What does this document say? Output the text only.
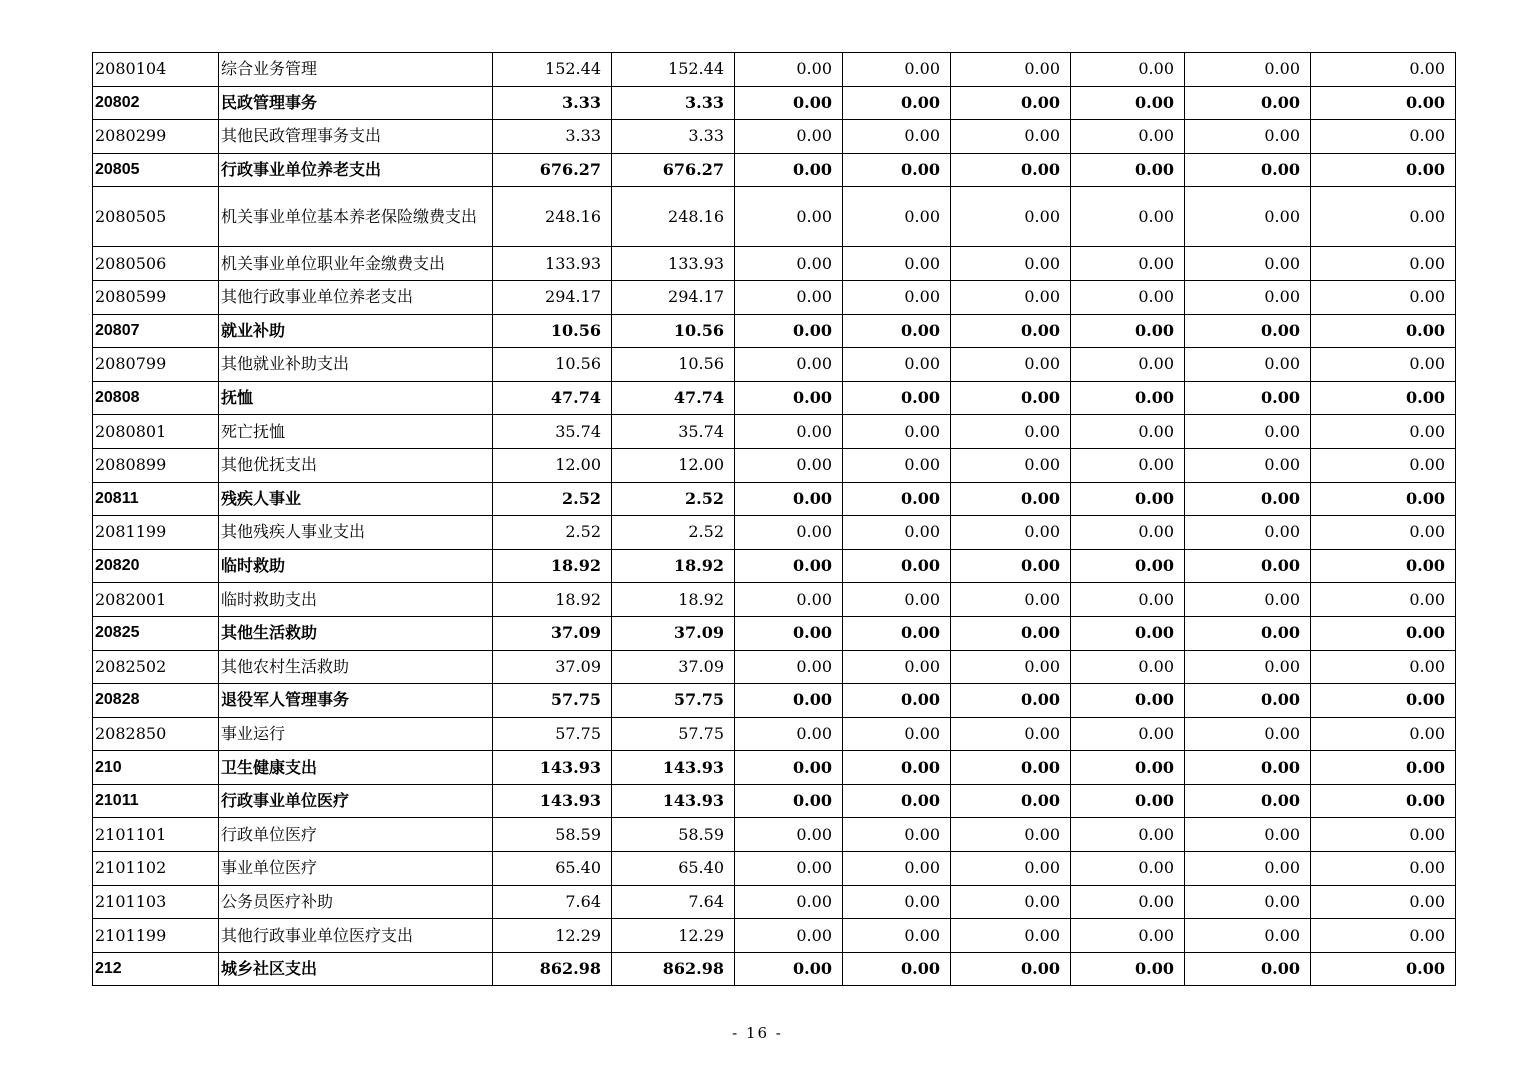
2080104	综合业务管理	152.44	152.44	0.00	0.00	0.00	0.00	0.00	0.00
20802	民政管理事务	3.33	3.33	0.00	0.00	0.00	0.00	0.00	0.00
2080299	其他民政管理事务支出	3.33	3.33	0.00	0.00	0.00	0.00	0.00	0.00
20805	行政事业单位养老支出	676.27	676.27	0.00	0.00	0.00	0.00	0.00	0.00
2080505	机关事业单位基本养老保险缴费支出	248.16	248.16	0.00	0.00	0.00	0.00	0.00	0.00
2080506	机关事业单位职业年金缴费支出	133.93	133.93	0.00	0.00	0.00	0.00	0.00	0.00
2080599	其他行政事业单位养老支出	294.17	294.17	0.00	0.00	0.00	0.00	0.00	0.00
20807	就业补助	10.56	10.56	0.00	0.00	0.00	0.00	0.00	0.00
2080799	其他就业补助支出	10.56	10.56	0.00	0.00	0.00	0.00	0.00	0.00
20808	抚恤	47.74	47.74	0.00	0.00	0.00	0.00	0.00	0.00
2080801	死亡抚恤	35.74	35.74	0.00	0.00	0.00	0.00	0.00	0.00
2080899	其他优抚支出	12.00	12.00	0.00	0.00	0.00	0.00	0.00	0.00
20811	残疾人事业	2.52	2.52	0.00	0.00	0.00	0.00	0.00	0.00
2081199	其他残疾人事业支出	2.52	2.52	0.00	0.00	0.00	0.00	0.00	0.00
20820	临时救助	18.92	18.92	0.00	0.00	0.00	0.00	0.00	0.00
2082001	临时救助支出	18.92	18.92	0.00	0.00	0.00	0.00	0.00	0.00
20825	其他生活救助	37.09	37.09	0.00	0.00	0.00	0.00	0.00	0.00
2082502	其他农村生活救助	37.09	37.09	0.00	0.00	0.00	0.00	0.00	0.00
20828	退役军人管理事务	57.75	57.75	0.00	0.00	0.00	0.00	0.00	0.00
2082850	事业运行	57.75	57.75	0.00	0.00	0.00	0.00	0.00	0.00
210	卫生健康支出	143.93	143.93	0.00	0.00	0.00	0.00	0.00	0.00
21011	行政事业单位医疗	143.93	143.93	0.00	0.00	0.00	0.00	0.00	0.00
2101101	行政单位医疗	58.59	58.59	0.00	0.00	0.00	0.00	0.00	0.00
2101102	事业单位医疗	65.40	65.40	0.00	0.00	0.00	0.00	0.00	0.00
2101103	公务员医疗补助	7.64	7.64	0.00	0.00	0.00	0.00	0.00	0.00
2101199	其他行政事业单位医疗支出	12.29	12.29	0.00	0.00	0.00	0.00	0.00	0.00
212	城乡社区支出	862.98	862.98	0.00	0.00	0.00	0.00	0.00	0.00
- 16 -
